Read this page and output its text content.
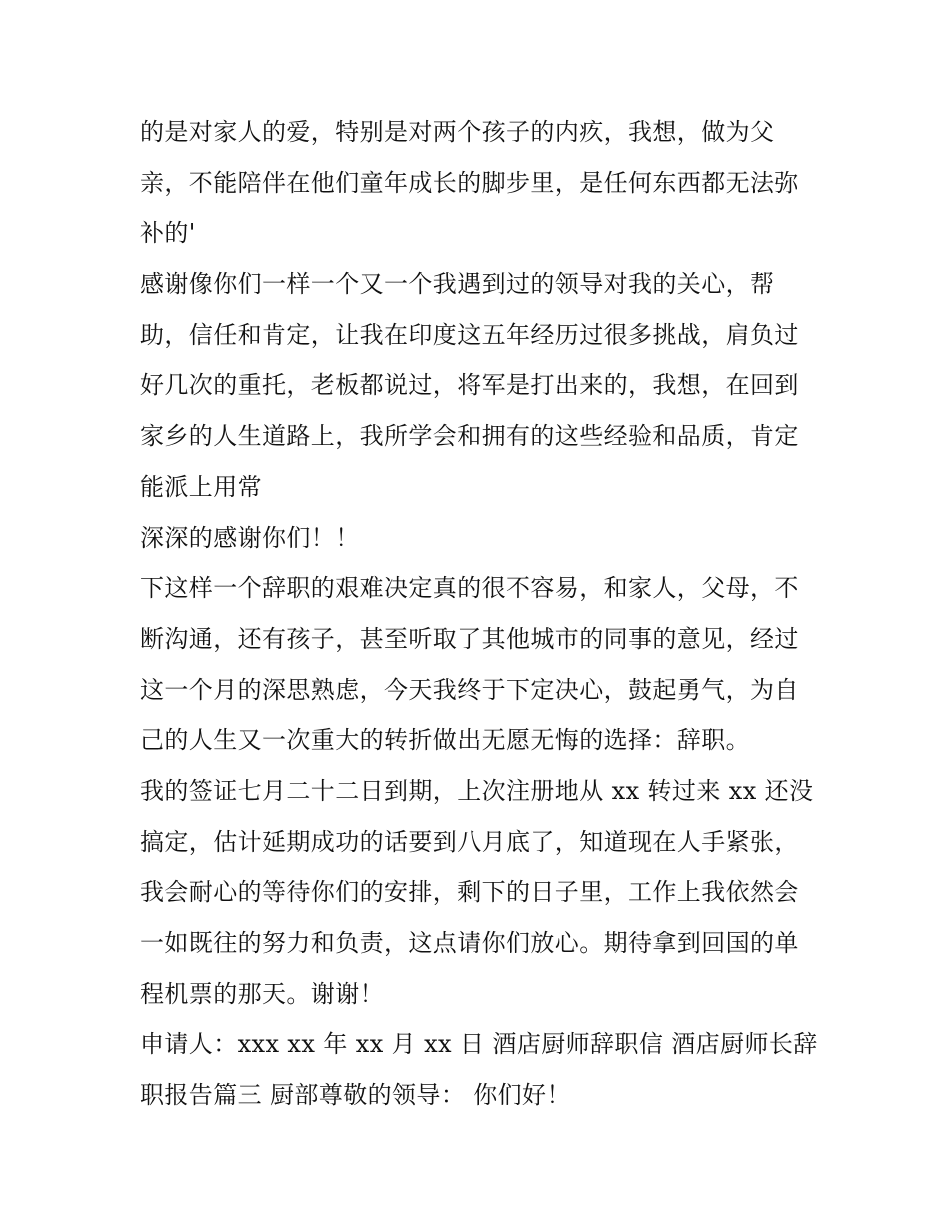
的是对家人的爱，特别是对两个孩子的内疚，我想，做为父
亲，不能陪伴在他们童年成长的脚步里，是任何东西都无法弥
补的'
感谢像你们一样一个又一个我遇到过的领导对我的关心，帮
助，信任和肯定，让我在印度这五年经历过很多挑战，肩负过
好几次的重托，老板都说过，将军是打出来的，我想，在回到
家乡的人生道路上，我所学会和拥有的这些经验和品质，肯定
能派上用常
深深的感谢你们！！
下这样一个辞职的艰难决定真的很不容易，和家人，父母，不
断沟通，还有孩子，甚至听取了其他城市的同事的意见，经过
这一个月的深思熟虑，今天我终于下定决心，鼓起勇气，为自
己的人生又一次重大的转折做出无愿无悔的选择：辞职。
我的签证七月二十二日到期，上次注册地从 xx 转过来 xx 还没
搞定，估计延期成功的话要到八月底了，知道现在人手紧张，
我会耐心的等待你们的安排，剩下的日子里，工作上我依然会
一如既往的努力和负责，这点请你们放心。期待拿到回国的单
程机票的那天。谢谢！
申请人：xxx xx 年 xx 月 xx 日 酒店厨师辞职信 酒店厨师长辞
职报告篇三 厨部尊敬的领导： 你们好！
